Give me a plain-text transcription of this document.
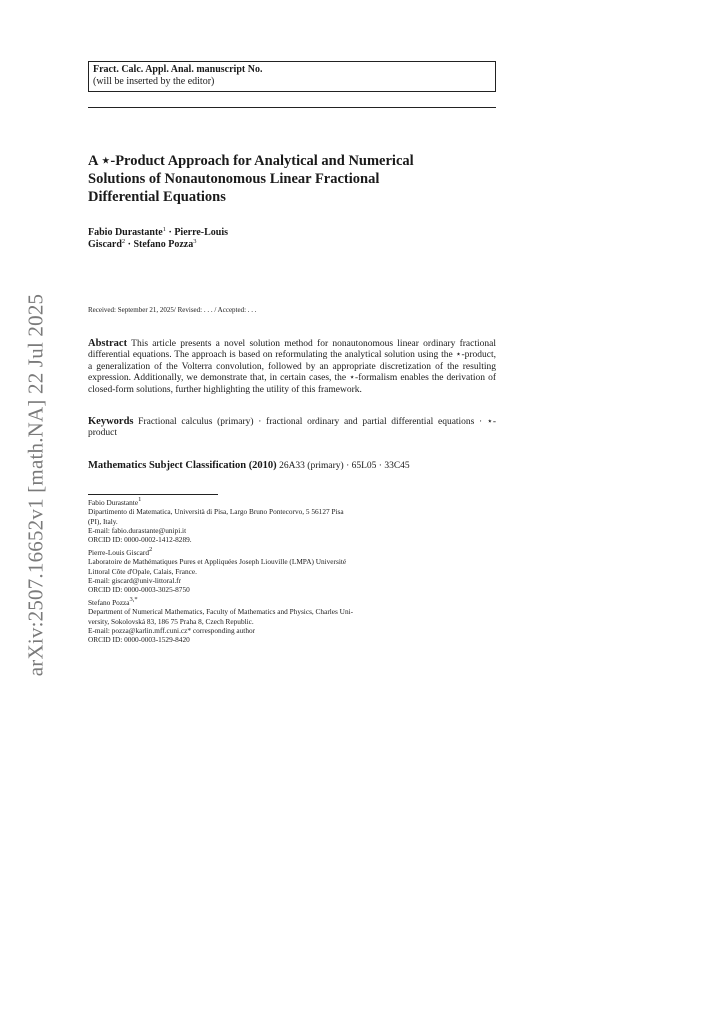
arXiv:2507.16652v1 [math.NA] 22 Jul 2025
Fract. Calc. Appl. Anal. manuscript No.
(will be inserted by the editor)
A ⋆-Product Approach for Analytical and Numerical
Solutions of Nonautonomous Linear Fractional
Differential Equations
Fabio Durastante$^1$ · Pierre-Louis
Giscard$^2$ · Stefano Pozza$^3$
Received: September 21, 2025/ Revised: . . . / Accepted: . . .
Abstract This article presents a novel solution method for nonautonomous linear ordinary fractional differential equations. The approach is based on reformulating the analytical solution using the ⋆-product, a generalization of the Volterra convolution, followed by an appropriate discretization of the resulting expression. Additionally, we demonstrate that, in certain cases, the ⋆-formalism enables the derivation of closed-form solutions, further highlighting the utility of this framework.
Keywords Fractional calculus (primary) · fractional ordinary and partial differential equations · ⋆-product
Mathematics Subject Classification (2010) 26A33 (primary) · 65L05 · 33C45
Fabio Durastante$^1$
Dipartimento di Matematica, Università di Pisa, Largo Bruno Pontecorvo, 5 56127 Pisa
(PI), Italy.
E-mail: fabio.durastante@unipi.it
ORCID ID: 0000-0002-1412-8289.
Pierre-Louis Giscard$^2$
Laboratoire de Mathématiques Pures et Appliquées Joseph Liouville (LMPA) Université
Littoral Côte d'Opale, Calais, France.
E-mail: giscard@univ-littoral.fr
ORCID ID: 0000-0003-3025-8750
Stefano Pozza$^{3,*}$
Department of Numerical Mathematics, Faculty of Mathematics and Physics, Charles Uni-
versity, Sokolovská 83, 186 75 Praha 8, Czech Republic.
E-mail: pozza@karlin.mff.cuni.cz* corresponding author
ORCID ID: 0000-0003-1529-8420
